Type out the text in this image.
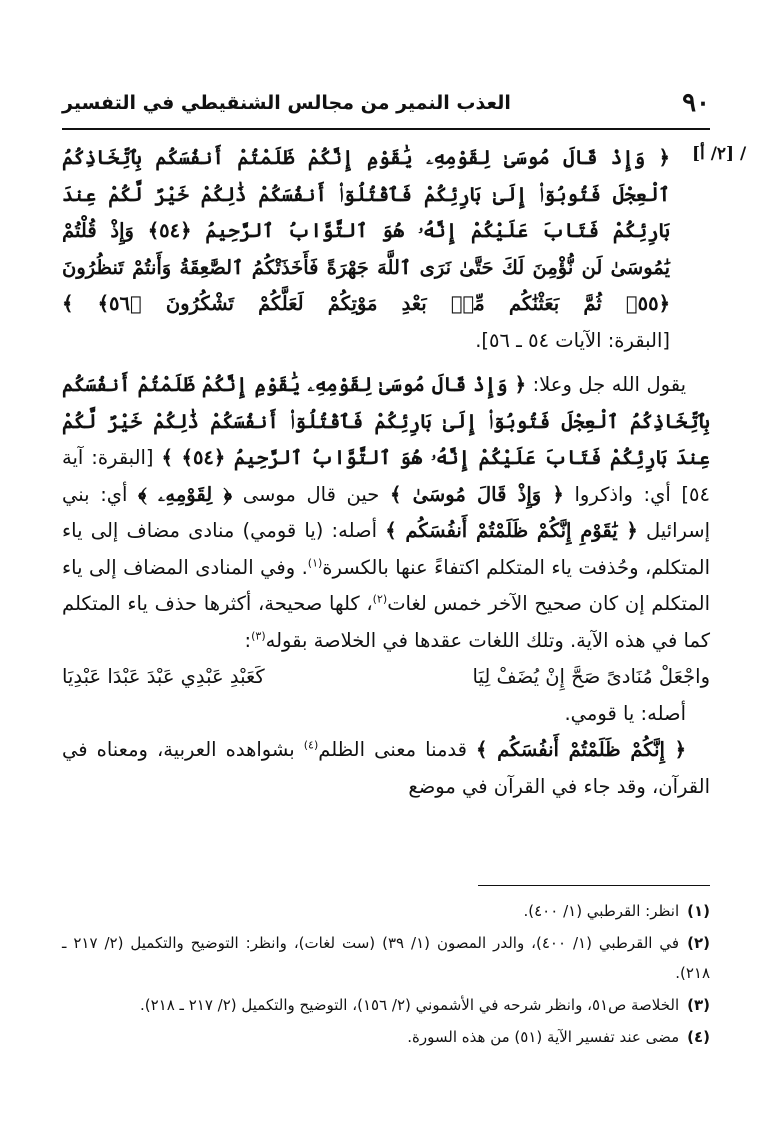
٩٠
العذب النمير من مجالس الشنقيطي في التفسير
[٢/ أ] /

﴿ وَإِذْ قَالَ مُوسَىٰ لِقَوْمِهِۦ يَٰقَوْمِ إِنَّكُمْ ظَلَمْتُمْ أَنفُسَكُم بِٱتِّخَاذِكُمُ ٱلْعِجْلَ فَتُوبُوٓا۟ إِلَىٰ بَارِئِكُمْ فَٱقْتُلُوٓا۟ أَنفُسَكُمْ ذَٰلِكُمْ خَيْرٌ لَّكُمْ عِندَ بَارِئِكُمْ فَتَابَ عَلَيْكُمْ إِنَّهُۥ هُوَ ٱلتَّوَّابُ ٱلرَّحِيمُ ﴿٥٤﴾ وَإِذْ قُلْتُمْ يَٰمُوسَىٰ لَن نُّؤْمِنَ لَكَ حَتَّىٰ نَرَى ٱللَّهَ جَهْرَةً فَأَخَذَتْكُمُ ٱلصَّٰعِقَةُ وَأَنتُمْ تَنظُرُونَ ﴿٥٥﴾ ثُمَّ بَعَثْنَٰكُم مِّنۢ بَعْدِ مَوْتِكُمْ لَعَلَّكُمْ تَشْكُرُونَ ﴿٥٦﴾ ﴾ [البقرة: الآيات ٥٤ ـ ٥٦].

يقول الله جل وعلا: ﴿ وَإِذْ قَالَ مُوسَىٰ لِقَوْمِهِۦ يَٰقَوْمِ إِنَّكُمْ ظَلَمْتُمْ أَنفُسَكُم بِٱتِّخَاذِكُمُ ٱلْعِجْلَ فَتُوبُوٓا۟ إِلَىٰ بَارِئِكُمْ فَٱقْتُلُوٓا۟ أَنفُسَكُمْ ذَٰلِكُمْ خَيْرٌ لَّكُمْ عِندَ بَارِئِكُمْ فَتَابَ عَلَيْكُمْ إِنَّهُۥ هُوَ ٱلتَّوَّابُ ٱلرَّحِيمُ ﴿٥٤﴾ ﴾ [البقرة: آية ٥٤] أي: واذكروا ﴿ وَإِذْ قَالَ مُوسَىٰ ﴾ حين قال موسى ﴿ لِقَوْمِهِۦ ﴾ أي: بني إسرائيل ﴿ يَٰقَوْمِ إِنَّكُمْ ظَلَمْتُمْ أَنفُسَكُم ﴾ أصله: (يا قومي) منادى مضاف إلى ياء المتكلم، وحُذفت ياء المتكلم اكتفاءً عنها بالكسرة$^{(١)}$. وفي المنادى المضاف إلى ياء المتكلم إن كان صحيح الآخر خمس لغات$^{(٢)}$، كلها صحيحة، أكثرها حذف ياء المتكلم كما في هذه الآية. وتلك اللغات عقدها في الخلاصة بقوله$^{(٣)}$:

واجْعَلْ مُنَادىً صَحَّ إِنْ يُضَفْ لِيَا
كَعَبْدِ عَبْدِي عَبْدَ عَبْدَا عَبْدِيَا

أصله: يا قومي.

﴿ إِنَّكُمْ ظَلَمْتُمْ أَنفُسَكُم ﴾ قدمنا معنى الظلم$^{(٤)}$ بشواهده العربية، ومعناه في القرآن، وقد جاء في القرآن في موضع

(١)انظر: القرطبي (١/ ٤٠٠).

(٢)في القرطبي (١/ ٤٠٠)، والدر المصون (١/ ٣٩) (ست لغات)، وانظر: التوضيح والتكميل (٢/ ٢١٧ ـ ٢١٨).

(٣)الخلاصة ص٥١، وانظر شرحه في الأشموني (٢/ ١٥٦)، التوضيح والتكميل (٢/ ٢١٧ ـ ٢١٨).

(٤)مضى عند تفسير الآية (٥١) من هذه السورة.
